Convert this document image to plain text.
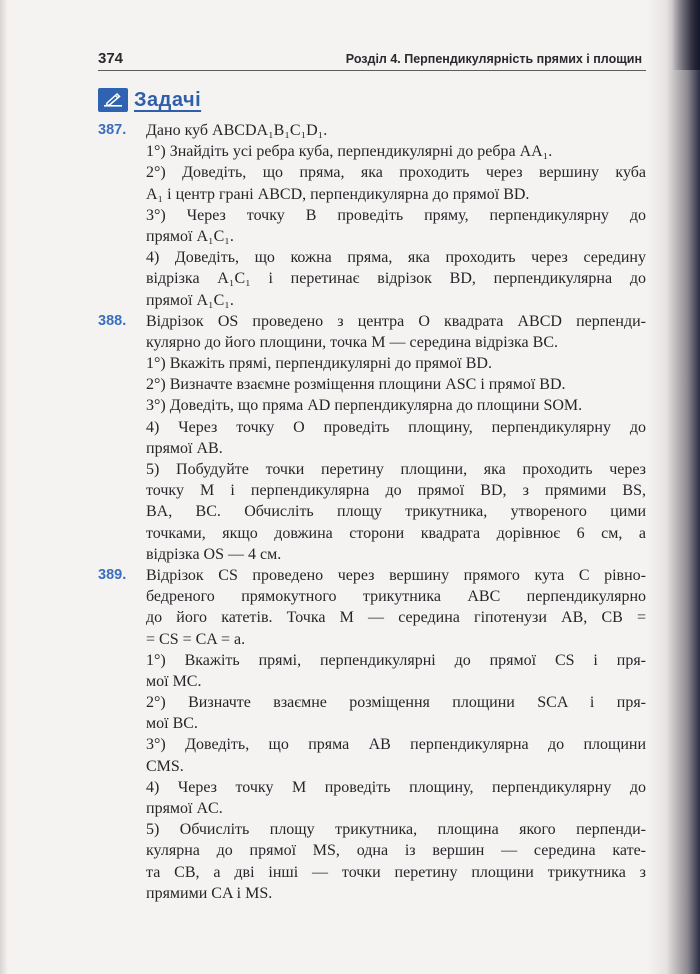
374	Розділ 4. Перпендикулярність прямих і площин
Задачі
387. Дано куб ABCDA₁B₁C₁D₁.
1°) Знайдіть усі ребра куба, перпендикулярні до ребра AA₁.
2°) Доведіть, що пряма, яка проходить через вершину куба
A₁ і центр грані ABCD, перпендикулярна до прямої BD.
3°) Через точку B проведіть пряму, перпендикулярну до
прямої A₁C₁.
4) Доведіть, що кожна пряма, яка проходить через середину
відрізка A₁C₁ і перетинає відрізок BD, перпендикулярна до
прямої A₁C₁.
388. Відрізок OS проведено з центра O квадрата ABCD перпенди-
кулярно до його площини, точка M — середина відрізка BC.
1°) Вкажіть прямі, перпендикулярні до прямої BD.
2°) Визначте взаємне розміщення площини ASC і прямої BD.
3°) Доведіть, що пряма AD перпендикулярна до площини SOM.
4) Через точку O проведіть площину, перпендикулярну до
прямої AB.
5) Побудуйте точки перетину площини, яка проходить через
точку M і перпендикулярна до прямої BD, з прямими BS,
BA, BC. Обчисліть площу трикутника, утвореного цими
точками, якщо довжина сторони квадрата дорівнює 6 см, а
відрізка OS — 4 см.
389. Відрізок CS проведено через вершину прямого кута C рівно-
бедреного прямокутного трикутника ABC перпендикулярно
до його катетів. Точка M — середина гіпотенузи AB, CB =
= CS = CA = a.
1°) Вкажіть прямі, перпендикулярні до прямої CS і пря-
мої MC.
2°) Визначте взаємне розміщення площини SCA і пря-
мої BC.
3°) Доведіть, що пряма AB перпендикулярна до площини
CMS.
4) Через точку M проведіть площину, перпендикулярну до
прямої AC.
5) Обчисліть площу трикутника, площина якого перпенди-
кулярна до прямої MS, одна із вершин — середина кате-
та CB, а дві інші — точки перетину площини трикутника з
прямими CA і MS.
